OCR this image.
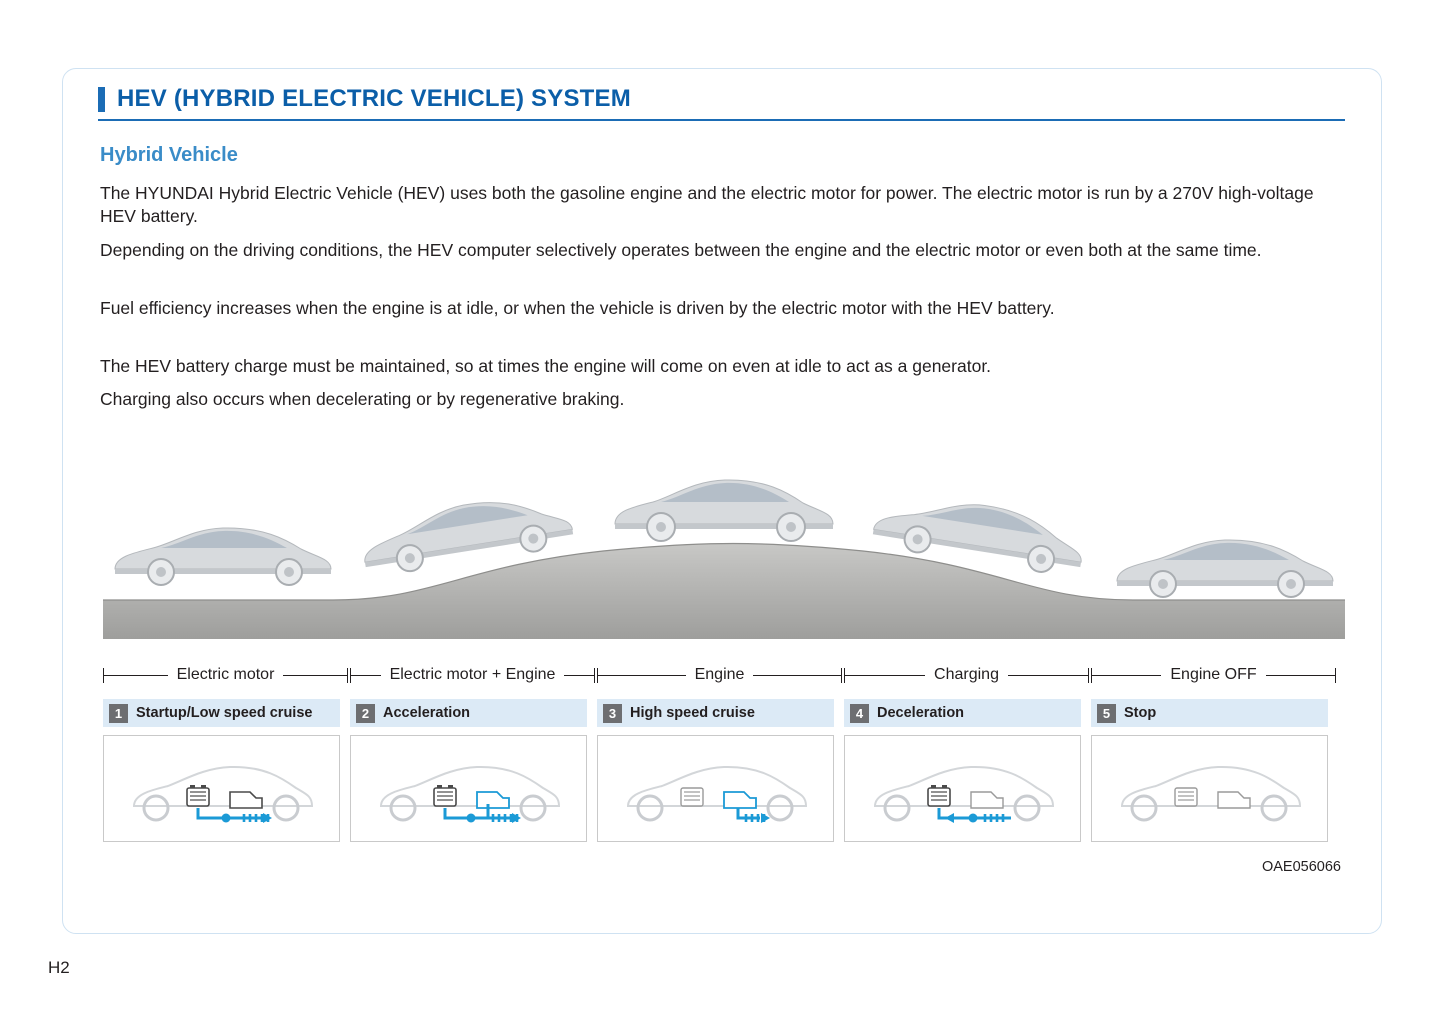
HEV (HYBRID ELECTRIC VEHICLE) SYSTEM
Hybrid Vehicle
The HYUNDAI Hybrid Electric Vehicle (HEV) uses both the gasoline engine and the electric motor for power. The electric motor is run by a 270V high-voltage HEV battery.
Depending on the driving conditions, the HEV computer selectively operates between the engine and the electric motor or even both at the same time.
Fuel efficiency increases when the engine is at idle, or when the vehicle is driven by the electric motor with the HEV battery.
The HEV battery charge must be maintained, so at times the engine will come on even at idle to act as a generator.
Charging also occurs when decelerating or by regenerative braking.
Electric motor	Electric motor + Engine	Engine	Charging	Engine OFF
1 Startup/Low speed cruise	2 Acceleration	3 High speed cruise	4 Deceleration	5 Stop
OAE056066
H2
